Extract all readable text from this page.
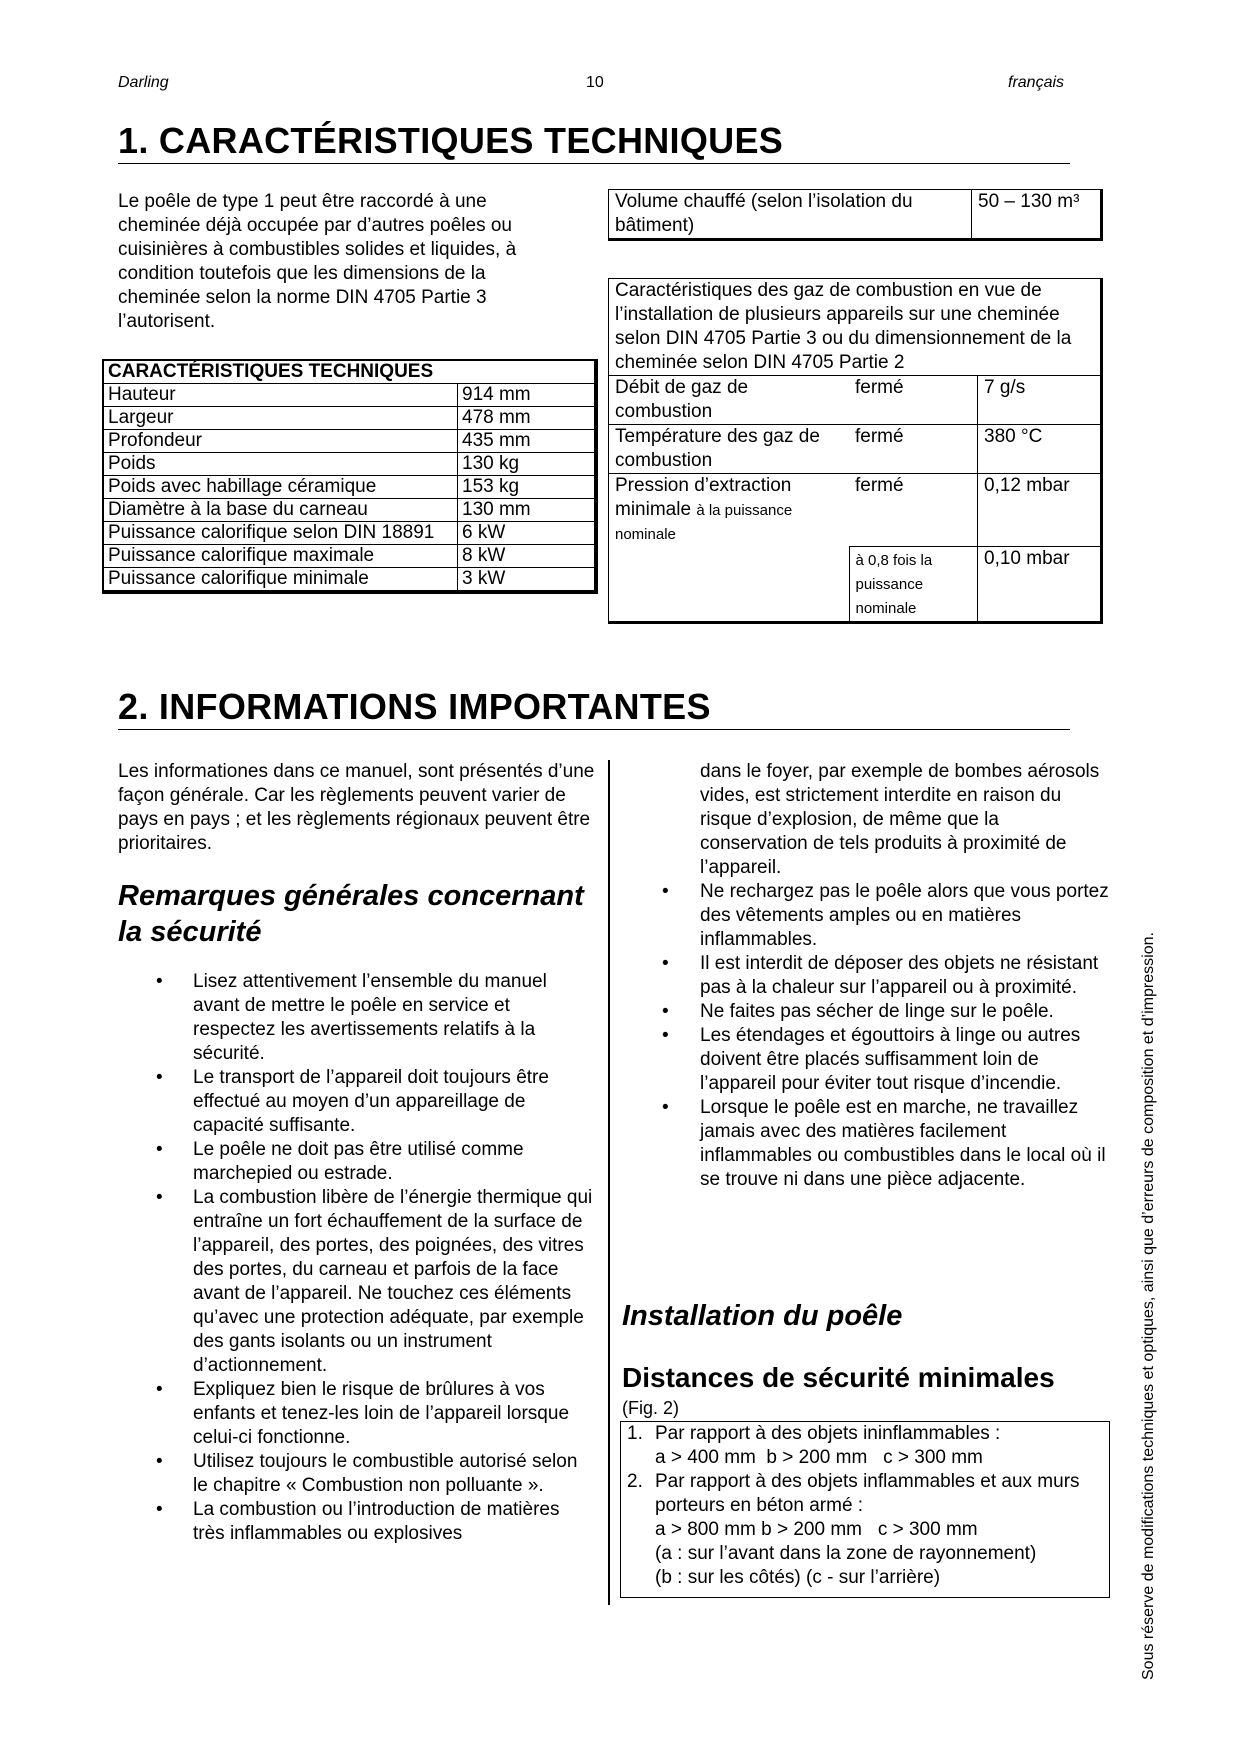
Darling	10	français
1. CARACTÉRISTIQUES TECHNIQUES
Le poêle de type 1 peut être raccordé à une
cheminée déjà occupée par d’autres poêles ou
cuisinières à combustibles solides et liquides, à
condition toutefois que les dimensions de la
cheminée selon la norme DIN 4705 Partie 3
l’autorisent.
CARACTÉRISTIQUES TECHNIQUES	
Hauteur	914 mm
Largeur	478 mm
Profondeur	435 mm
Poids	130 kg
Poids avec habillage céramique	153 kg
Diamètre à la base du carneau	130 mm
Puissance calorifique selon DIN 18891	6 kW
Puissance calorifique maximale	8 kW
Puissance calorifique minimale	3 kW
Volume chauffé (selon l’isolation du bâtiment)	50 – 130 m³
Caractéristiques des gaz de combustion en vue de l’installation de plusieurs appareils sur une cheminée selon DIN 4705 Partie 3 ou du dimensionnement de la cheminée selon DIN 4705 Partie 2		
Débit de gaz de combustion	fermé	7 g/s
Température des gaz de combustion	fermé	380 °C
Pression d’extraction minimale à la puissance nominale	fermé	0,12 mbar
	à 0,8 fois la puissance nominale	0,10 mbar
2. INFORMATIONS IMPORTANTES
Les informationes dans ce manuel, sont présentés d’une façon générale. Car les règlements peuvent varier de pays en pays ; et les règlements régionaux peuvent être prioritaires.
Remarques générales concernant la sécurité
• Lisez attentivement l’ensemble du manuel avant de mettre le poêle en service et respectez les avertissements relatifs à la sécurité.
• Le transport de l’appareil doit toujours être effectué au moyen d’un appareillage de capacité suffisante.
• Le poêle ne doit pas être utilisé comme marchepied ou estrade.
• La combustion libère de l’énergie thermique qui entraîne un fort échauffement de la surface de l’appareil, des portes, des poignées, des vitres des portes, du carneau et parfois de la face avant de l’appareil. Ne touchez ces éléments qu’avec une protection adéquate, par exemple des gants isolants ou un instrument d’actionnement.
• Expliquez bien le risque de brûlures à vos enfants et tenez-les loin de l’appareil lorsque celui-ci fonctionne.
• Utilisez toujours le combustible autorisé selon le chapitre « Combustion non polluante ».
• La combustion ou l’introduction de matières très inflammables ou explosives
dans le foyer, par exemple de bombes aérosols vides, est strictement interdite en raison du risque d’explosion, de même que la conservation de tels produits à proximité de l’appareil.
• Ne rechargez pas le poêle alors que vous portez des vêtements amples ou en matières inflammables.
• Il est interdit de déposer des objets ne résistant pas à la chaleur sur l’appareil ou à proximité.
• Ne faites pas sécher de linge sur le poêle.
• Les étendages et égouttoirs à linge ou autres doivent être placés suffisamment loin de l’appareil pour éviter tout risque d’incendie.
• Lorsque le poêle est en marche, ne travaillez jamais avec des matières facilement inflammables ou combustibles dans le local où il se trouve ni dans une pièce adjacente.
Installation du poêle
Distances de sécurité minimales
(Fig. 2)
1. Par rapport à des objets ininflammables :
a > 400 mm  b > 200 mm   c > 300 mm
2. Par rapport à des objets inflammables et aux murs porteurs en béton armé :
a > 800 mm b > 200 mm   c > 300 mm
(a : sur l’avant dans la zone de rayonnement)
(b : sur les côtés) (c - sur l’arrière)	Sous réserve de modifications techniques et optiques, ainsi que d’erreurs de composition et d’impression.
